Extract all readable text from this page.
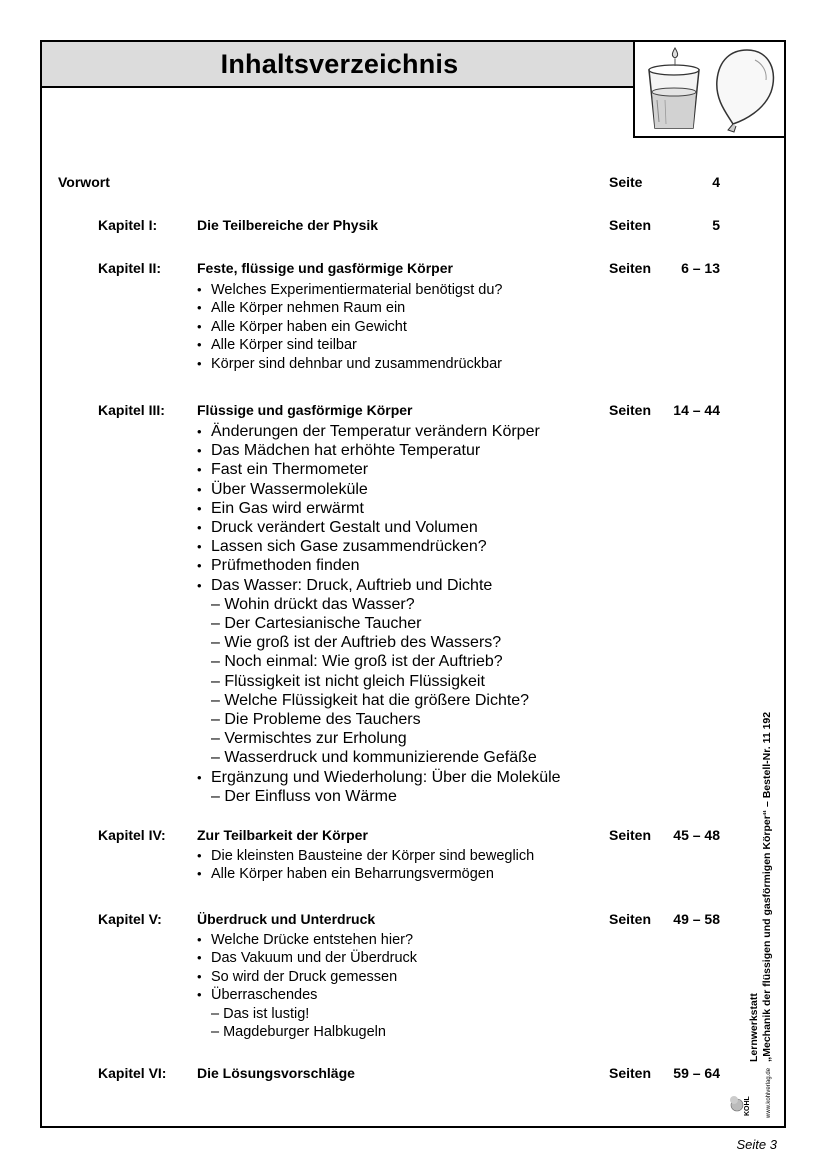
Inhaltsverzeichnis
Vorwort	Seite	4
Kapitel I:	Die Teilbereiche der Physik	Seiten	5
Kapitel II:	Feste, flüssige und gasförmige Körper	Seiten	6 – 13
• Welches Experimentiermaterial benötigst du?
• Alle Körper nehmen Raum ein
• Alle Körper haben ein Gewicht
• Alle Körper sind teilbar
• Körper sind dehnbar und zusammendrückbar
Kapitel III: Flüssige und gasförmige Körper	Seiten	14 – 44
• Änderungen der Temperatur verändern Körper
• Das Mädchen hat erhöhte Temperatur
• Fast ein Thermometer
• Über Wassermoleküle
• Ein Gas wird erwärmt
• Druck verändert Gestalt und Volumen
• Lassen sich Gase zusammendrücken?
• Prüfmethoden finden
• Das Wasser: Druck, Auftrieb und Dichte
– Wohin drückt das Wasser?
– Der Cartesianische Taucher
– Wie groß ist der Auftrieb des Wassers?
– Noch einmal: Wie groß ist der Auftrieb?
– Flüssigkeit ist nicht gleich Flüssigkeit
– Welche Flüssigkeit hat die größere Dichte?
– Die Probleme des Tauchers
– Vermischtes zur Erholung
– Wasserdruck und kommunizierende Gefäße
• Ergänzung und Wiederholung: Über die Moleküle
– Der Einfluss von Wärme
Kapitel IV: Zur Teilbarkeit der Körper	Seiten	45 – 48
• Die kleinsten Bausteine der Körper sind beweglich
• Alle Körper haben ein Beharrungsvermögen
Kapitel V:	Überdruck und Unterdruck	Seiten	49 – 58
• Welche Drücke entstehen hier?
• Das Vakuum und der Überdruck
• So wird der Druck gemessen
• Überraschendes
– Das ist lustig!
– Magdeburger Halbkugeln
Kapitel VI: Die Lösungsvorschläge	Seiten	59 – 64
Lernwerkstatt „Mechanik der flüssigen und gasförmigen Körper“ – Bestell-Nr. 11 192
KOHL	www.kohlverlag.de
Seite 3
